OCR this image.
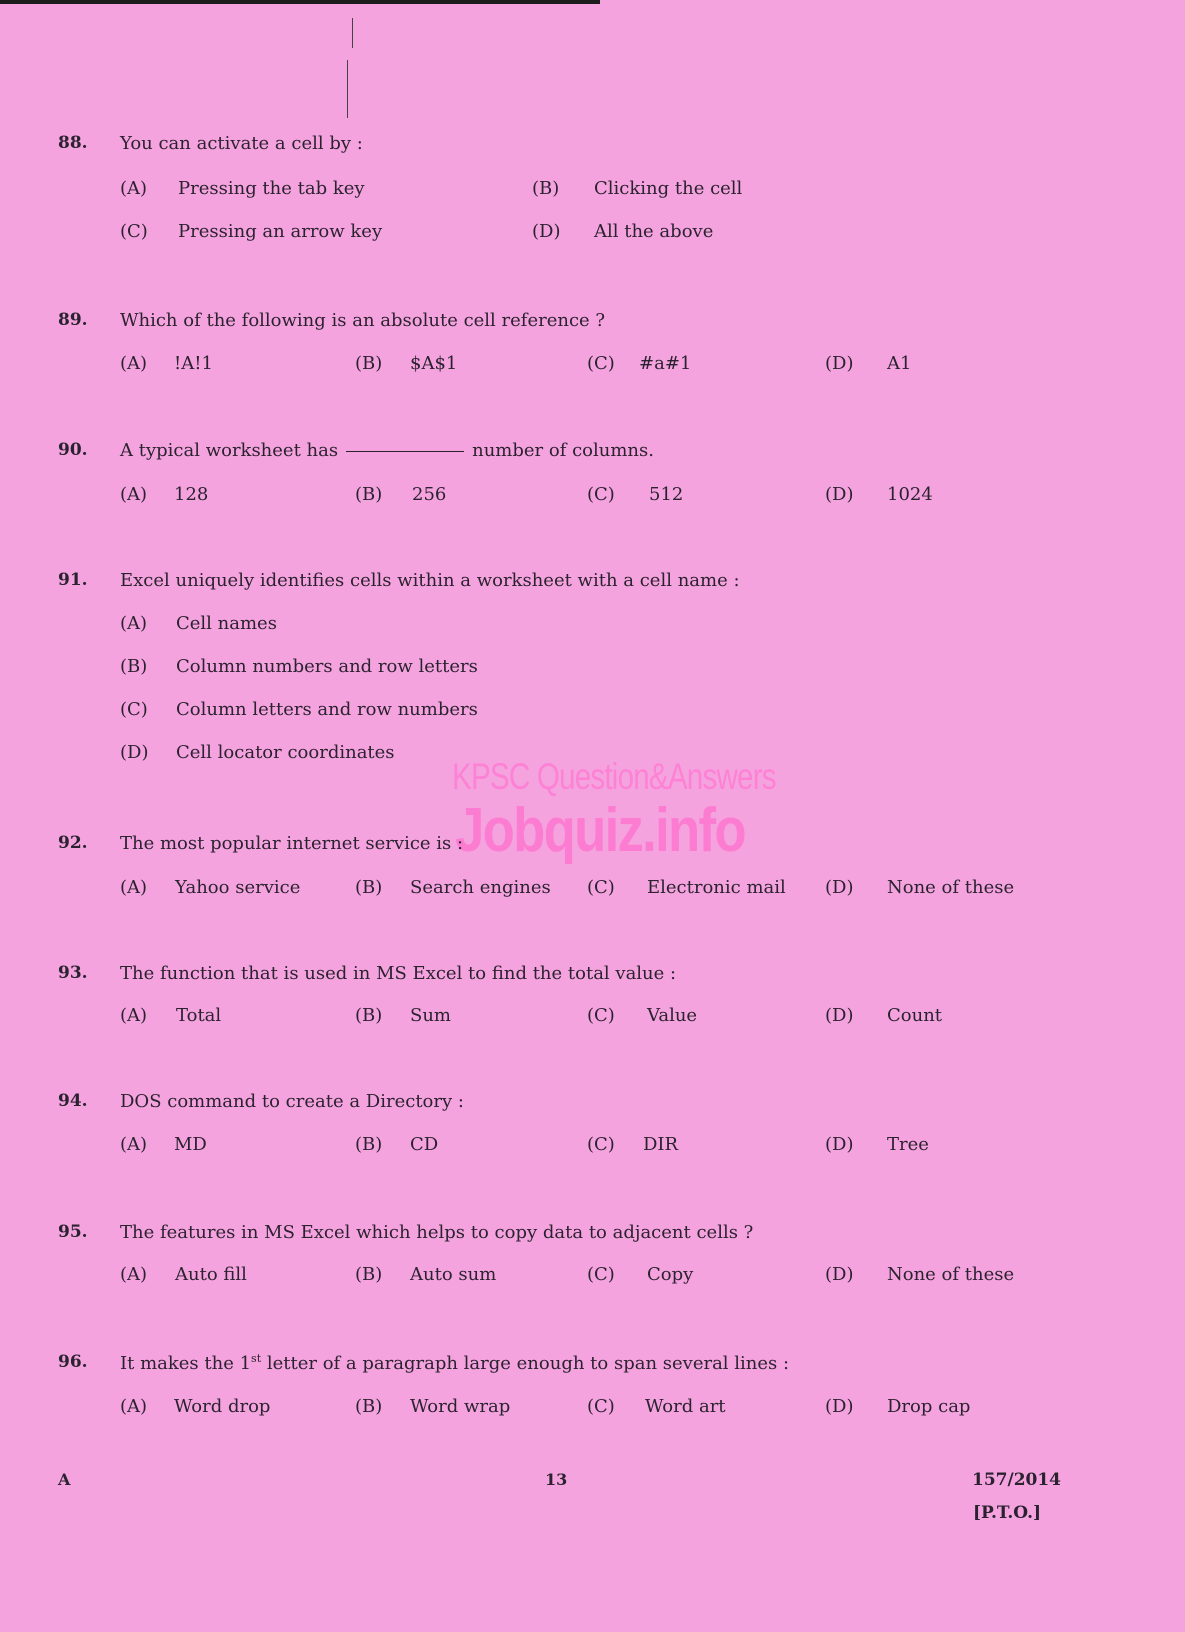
88. You can activate a cell by :
(A) Pressing the tab key	(B) Clicking the cell
(C) Pressing an arrow key	(D) All the above
89. Which of the following is an absolute cell reference ?
(A) !A!1	(B) $A$1	(C) #a#1	(D) A1
90. A typical worksheet has	number of columns.
(A) 128	(B) 256	(C) 512	(D) 1024
91. Excel uniquely identifies cells within a worksheet with a cell name :
(A) Cell names
(B) Column numbers and row letters
(C) Column letters and row numbers
(D) Cell locator coordinates
KPSC Question&Answers
Jobquiz.info
92. The most popular internet service is :
(A) Yahoo service	(B) Search engines (C) Electronic mail (D) None of these
93. The function that is used in MS Excel to find the total value :
(A) Total	(B) Sum	(C) Value	(D) Count
94. DOS command to create a Directory :
(A) MD	(B) CD	(C) DIR	(D) Tree
95. The features in MS Excel which helps to copy data to adjacent cells ?
(A) Auto fill	(B) Auto sum	(C) Copy	(D) None of these
96. It makes the 1st letter of a paragraph large enough to span several lines :
(A) Word drop	(B) Word wrap	(C) Word art	(D) Drop cap
A	13	157/2014
[P.T.O.]
